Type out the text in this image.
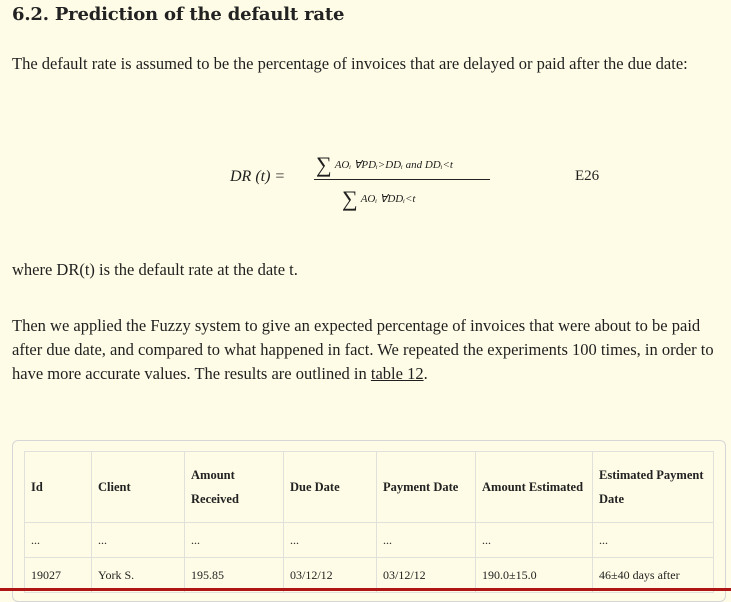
6.2. Prediction of the default rate

The default rate is assumed to be the percentage of invoices that are delayed or paid after the due date:

DR (t) = ∑ AOᵢ ∀PDᵢ>DDᵢ and DDᵢ<t
∑ AOᵢ ∀DDᵢ<t
E26

where DR(t) is the default rate at the date t.

Then we applied the Fuzzy system to give an expected percentage of invoices that were about to be paid after due date, and compared to what happened in fact. We repeated the experiments 100 times, in order to have more accurate values. The results are outlined in table 12.

Id	Client	Amount Received	Due Date	Payment Date	Amount Estimated	Estimated Payment Date
...	...	...	...	...	...	...
19027	York S.	195.85	03/12/12	03/12/12	190.0±15.0	46±40 days after
